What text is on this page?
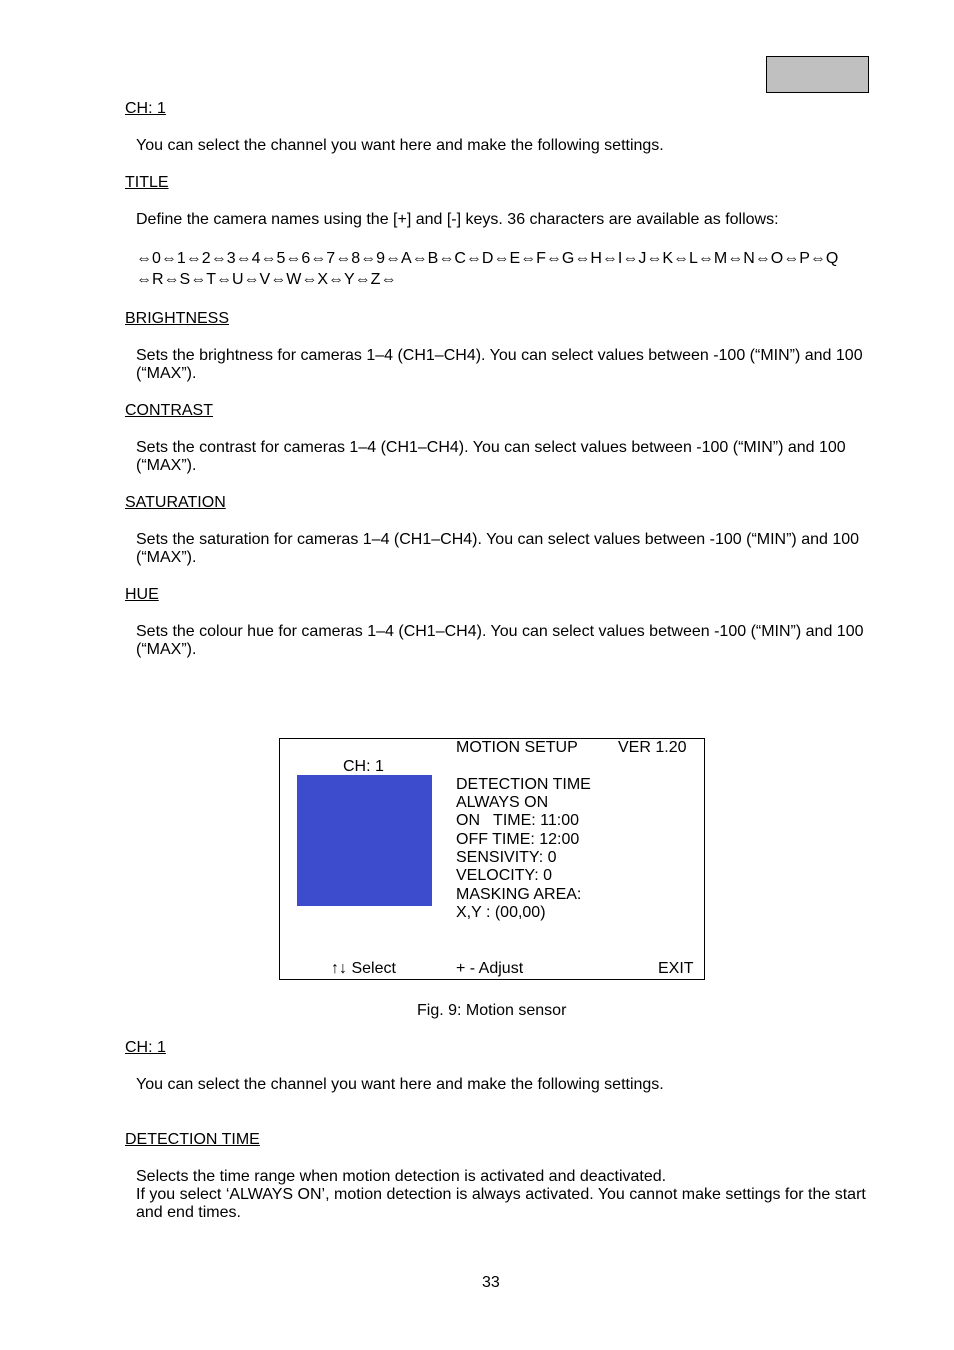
CH: 1
You can select the channel you want here and make the following settings.
TITLE
Define the camera names using the [+] and [-] keys. 36 characters are available as follows:
⇔0⇔1⇔2⇔3⇔4⇔5⇔6⇔7⇔8⇔9⇔A⇔B⇔C⇔D⇔E⇔F⇔G⇔H⇔I⇔J⇔K⇔L⇔M⇔N⇔O⇔P⇔Q
⇔R⇔S⇔T⇔U⇔V⇔W⇔X⇔Y⇔Z⇔
BRIGHTNESS
Sets the brightness for cameras 1–4 (CH1–CH4). You can select values between -100 (“MIN”) and 100 (“MAX”).
CONTRAST
Sets the contrast for cameras 1–4 (CH1–CH4). You can select values between -100 (“MIN”) and 100 (“MAX”).
SATURATION
Sets the saturation for cameras 1–4 (CH1–CH4). You can select values between -100 (“MIN”) and 100 (“MAX”).
HUE
Sets the colour hue for cameras 1–4 (CH1–CH4). You can select values between -100 (“MIN”) and 100 (“MAX”).
MOTION SETUP	VER 1.20
CH: 1
DETECTION TIME
ALWAYS ON
ON   TIME: 11:00
OFF TIME: 12:00
SENSIVITY: 0
VELOCITY: 0
MASKING AREA:
X,Y : (00,00)
↑↓ Select	+ - Adjust	EXIT
Fig. 9: Motion sensor
CH: 1
You can select the channel you want here and make the following settings.
DETECTION TIME
Selects the time range when motion detection is activated and deactivated.
If you select ‘ALWAYS ON’, motion detection is always activated. You cannot make settings for the start and end times.
33
